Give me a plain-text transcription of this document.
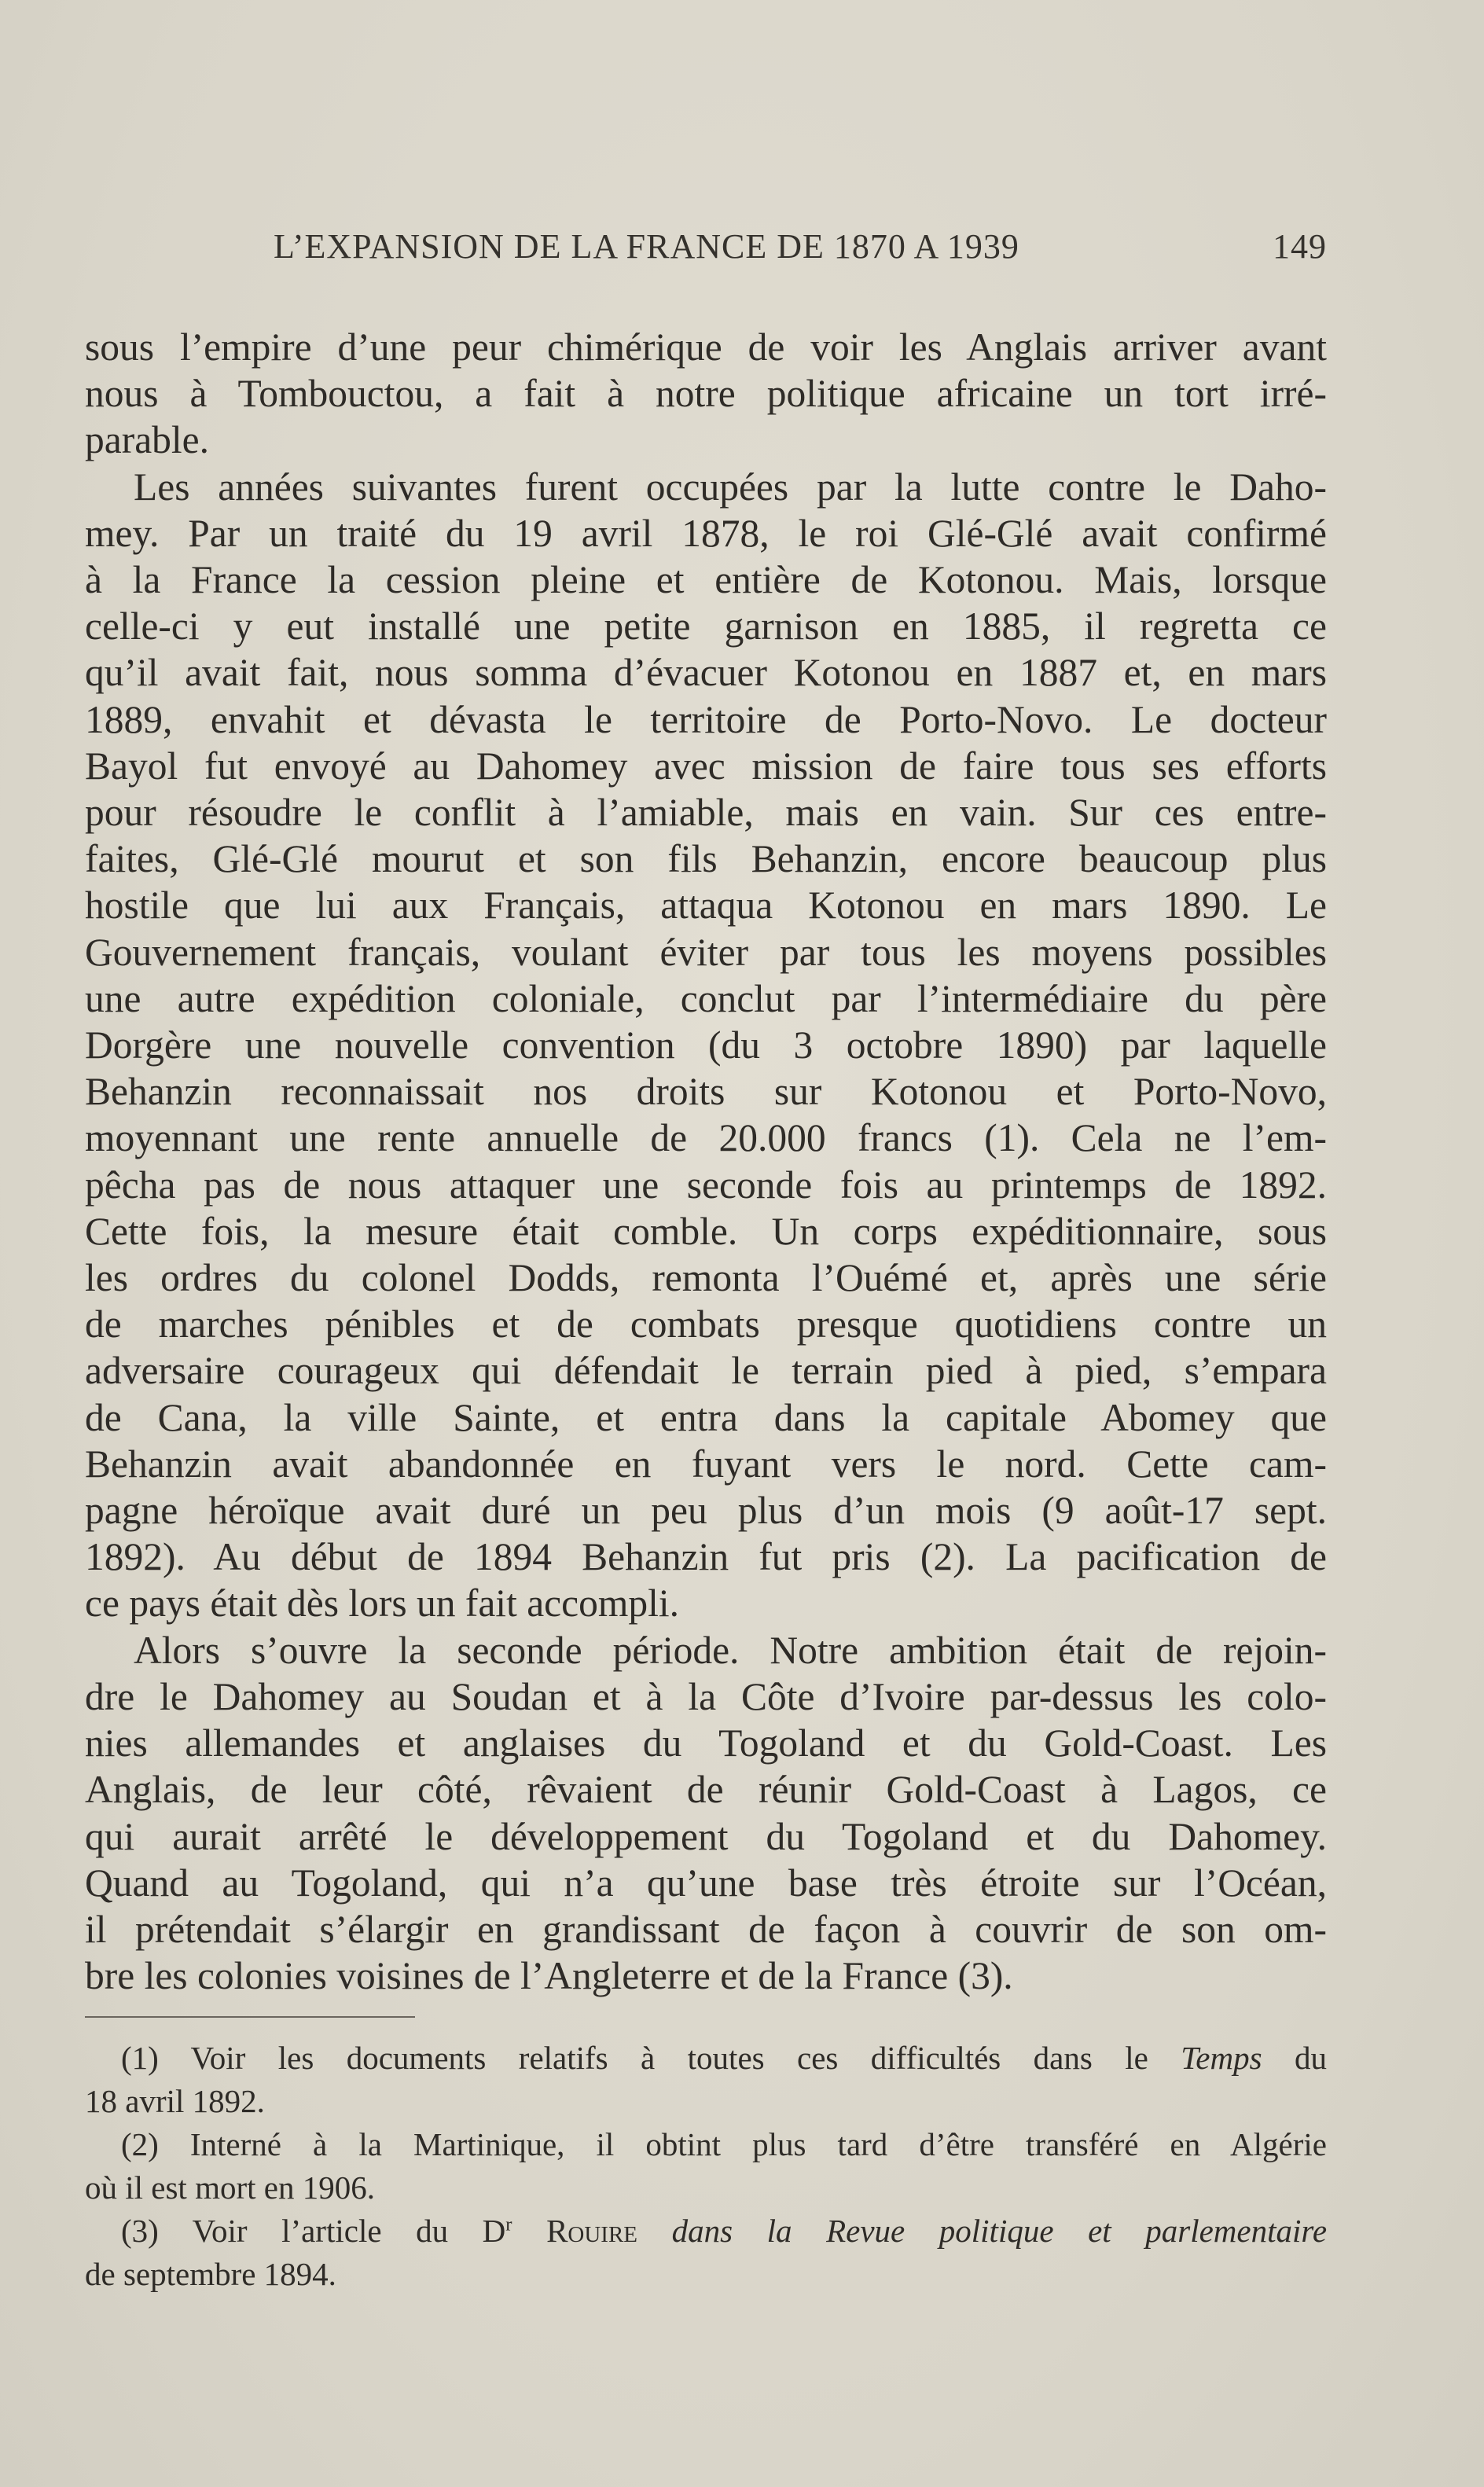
L’EXPANSION DE LA FRANCE DE 1870 A 1939	149

sous l’empire d’une peur chimérique de voir les Anglais arriver avant

nous à Tombouctou, a fait à notre politique africaine un tort irré-

parable.

Les années suivantes furent occupées par la lutte contre le Daho-

mey. Par un traité du 19 avril 1878, le roi Glé-Glé avait confirmé

à la France la cession pleine et entière de Kotonou. Mais, lorsque

celle-ci y eut installé une petite garnison en 1885, il regretta ce

qu’il avait fait, nous somma d’évacuer Kotonou en 1887 et, en mars

1889, envahit et dévasta le territoire de Porto-Novo. Le docteur

Bayol fut envoyé au Dahomey avec mission de faire tous ses efforts

pour résoudre le conflit à l’amiable, mais en vain. Sur ces entre-

faites, Glé-Glé mourut et son fils Behanzin, encore beaucoup plus

hostile que lui aux Français, attaqua Kotonou en mars 1890. Le

Gouvernement français, voulant éviter par tous les moyens possibles

une autre expédition coloniale, conclut par l’intermédiaire du père

Dorgère une nouvelle convention (du 3 octobre 1890) par laquelle

Behanzin reconnaissait nos droits sur Kotonou et Porto-Novo,

moyennant une rente annuelle de 20.000 francs (1). Cela ne l’em-

pêcha pas de nous attaquer une seconde fois au printemps de 1892.

Cette fois, la mesure était comble. Un corps expéditionnaire, sous

les ordres du colonel Dodds, remonta l’Ouémé et, après une série

de marches pénibles et de combats presque quotidiens contre un

adversaire courageux qui défendait le terrain pied à pied, s’empara

de Cana, la ville Sainte, et entra dans la capitale Abomey que

Behanzin avait abandonnée en fuyant vers le nord. Cette cam-

pagne héroïque avait duré un peu plus d’un mois (9 août-17 sept.

1892). Au début de 1894 Behanzin fut pris (2). La pacification de

ce pays était dès lors un fait accompli.

Alors s’ouvre la seconde période. Notre ambition était de rejoin-

dre le Dahomey au Soudan et à la Côte d’Ivoire par-dessus les colo-

nies allemandes et anglaises du Togoland et du Gold-Coast. Les

Anglais, de leur côté, rêvaient de réunir Gold-Coast à Lagos, ce

qui aurait arrêté le développement du Togoland et du Dahomey.

Quand au Togoland, qui n’a qu’une base très étroite sur l’Océan,

il prétendait s’élargir en grandissant de façon à couvrir de son om-

bre les colonies voisines de l’Angleterre et de la France (3).

(1) Voir les documents relatifs à toutes ces difficultés dans le Temps du

18 avril 1892.

(2) Interné à la Martinique, il obtint plus tard d’être transféré en Algérie

où il est mort en 1906.

(3) Voir l’article du $D^r$ Rouire dans la Revue politique et parlementaire

de septembre 1894.
